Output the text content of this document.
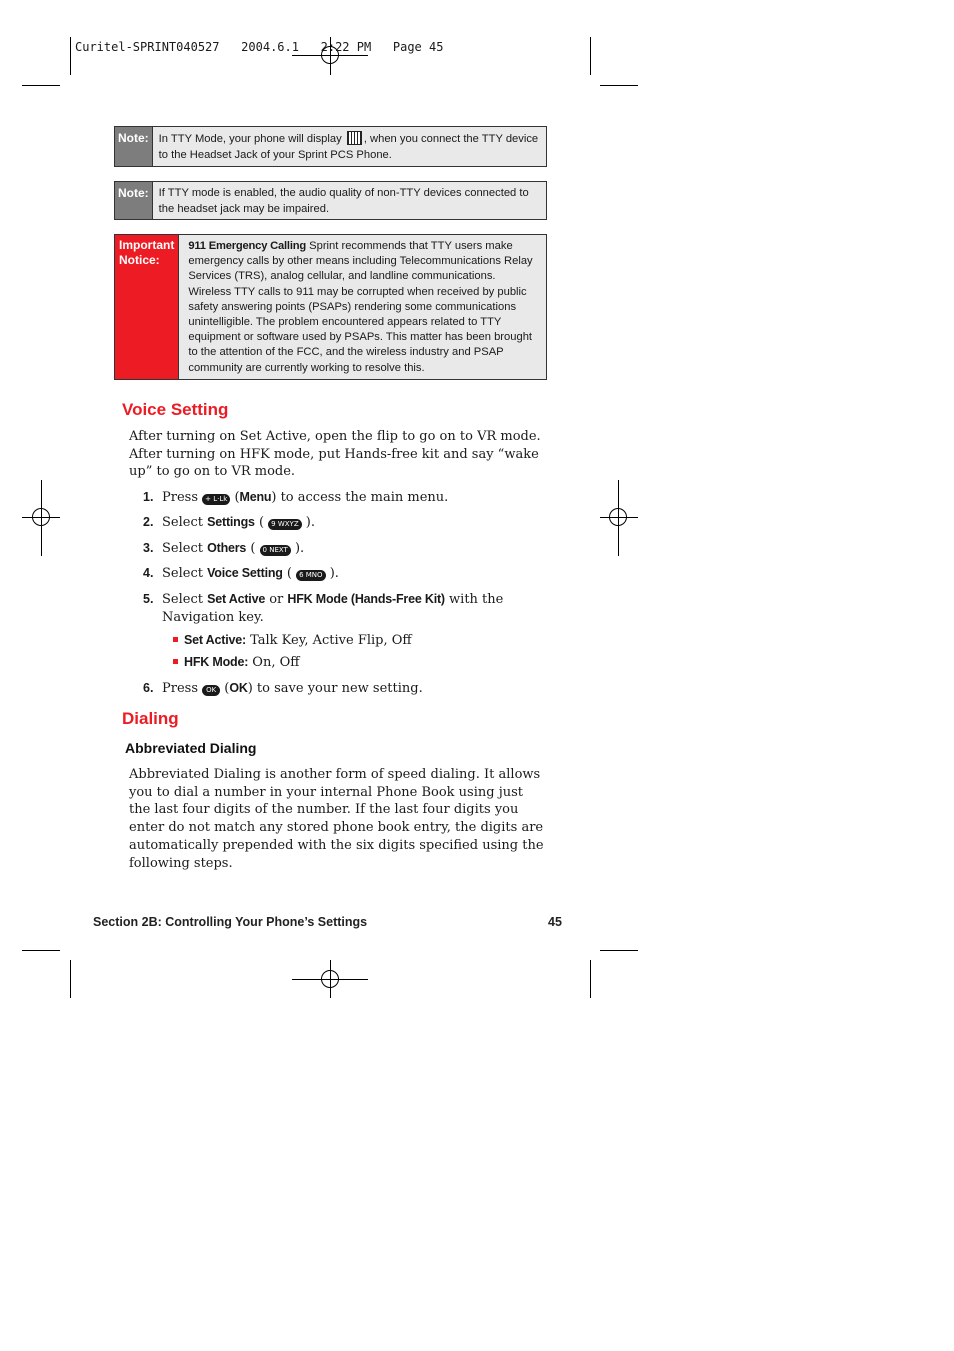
Curitel-SPRINT040527   2004.6.1   2:22 PM   Page 45
Note: In TTY Mode, your phone will display , when you connect the TTY device to the Headset Jack of your Sprint PCS Phone.
Note: If TTY mode is enabled, the audio quality of non-TTY devices connected to the headset jack may be impaired.
Important
Notice:
911 Emergency Calling Sprint recommends that TTY users make emergency calls by other means including Telecommunications Relay Services (TRS), analog cellular, and landline communications. Wireless TTY calls to 911 may be corrupted when received by public safety answering points (PSAPs) rendering some communications unintelligible. The problem encountered appears related to TTY equipment or software used by PSAPs. This matter has been brought to the attention of the FCC, and the wireless industry and PSAP community are currently working to resolve this.
Voice Setting
After turning on Set Active, open the flip to go on to VR mode. After turning on HFK mode, put Hands-free kit and say “wake up” to go on to VR mode.
1. Press + L·Lk (Menu) to access the main menu.
2. Select Settings ( 9 WXYZ ).
3. Select Others ( 0 NEXT ).
4. Select Voice Setting ( 6 MNO ).
5. Select Set Active or HFK Mode (Hands-Free Kit) with the
Navigation key.
Set Active: Talk Key, Active Flip, Off
HFK Mode: On, Off
6. Press OK (OK) to save your new setting.
Dialing
Abbreviated Dialing
Abbreviated Dialing is another form of speed dialing. It allows you to dial a number in your internal Phone Book using just the last four digits of the number. If the last four digits you enter do not match any stored phone book entry, the digits are automatically prepended with the six digits specified using the following steps.
Section 2B: Controlling Your Phone’s Settings	45
